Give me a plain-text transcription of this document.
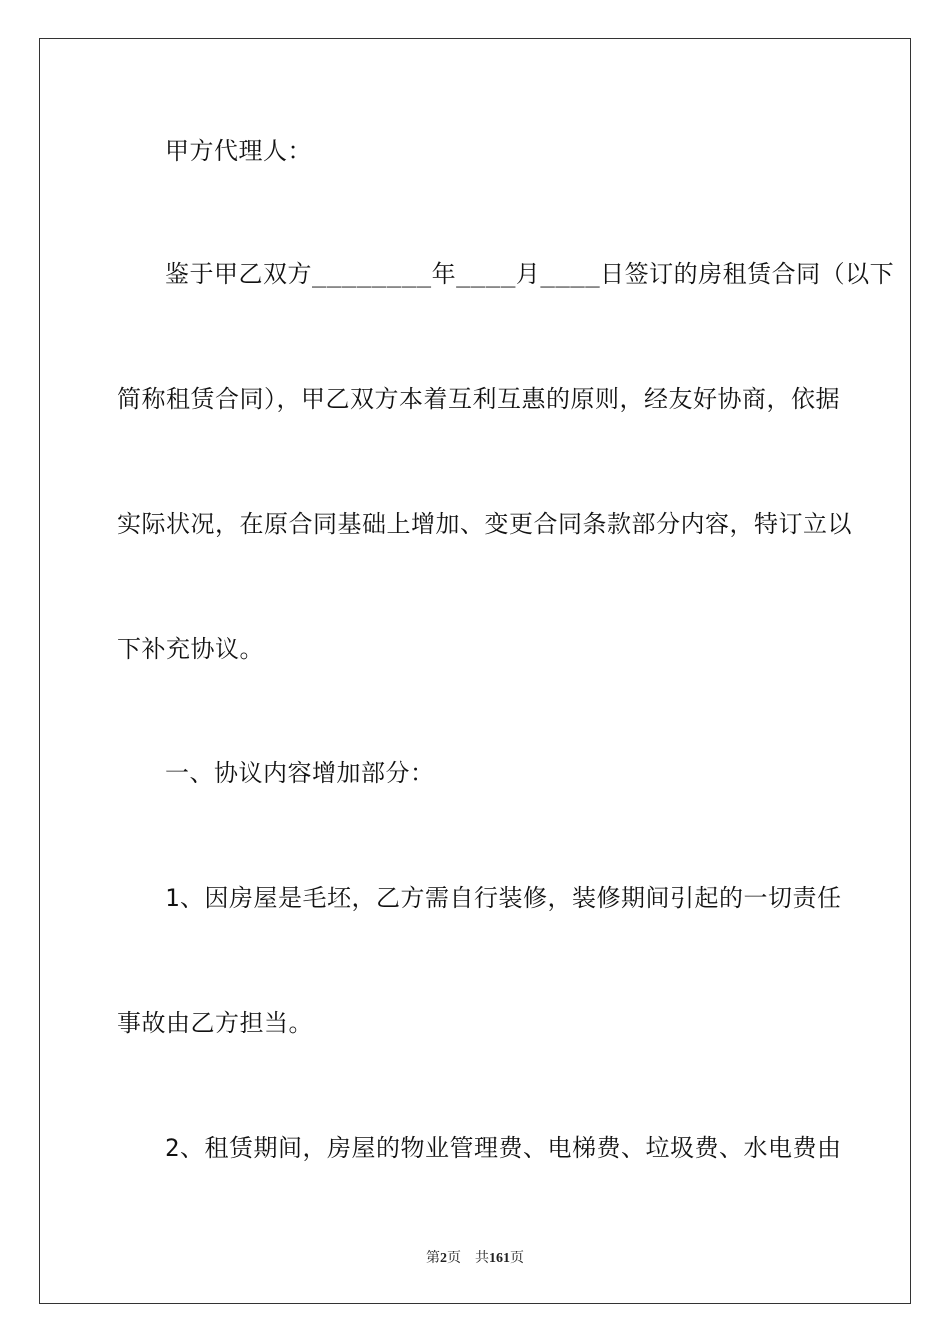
甲方代理人：
鉴于甲乙双方________年____月____日签订的房租赁合同（以下
简称租赁合同），甲乙双方本着互利互惠的原则，经友好协商，依据
实际状况，在原合同基础上增加、变更合同条款部分内容，特订立以
下补充协议。
一、协议内容增加部分：
1、因房屋是毛坯，乙方需自行装修，装修期间引起的一切责任
事故由乙方担当。
2、租赁期间，房屋的物业管理费、电梯费、垃圾费、水电费由
第2页 共161页
